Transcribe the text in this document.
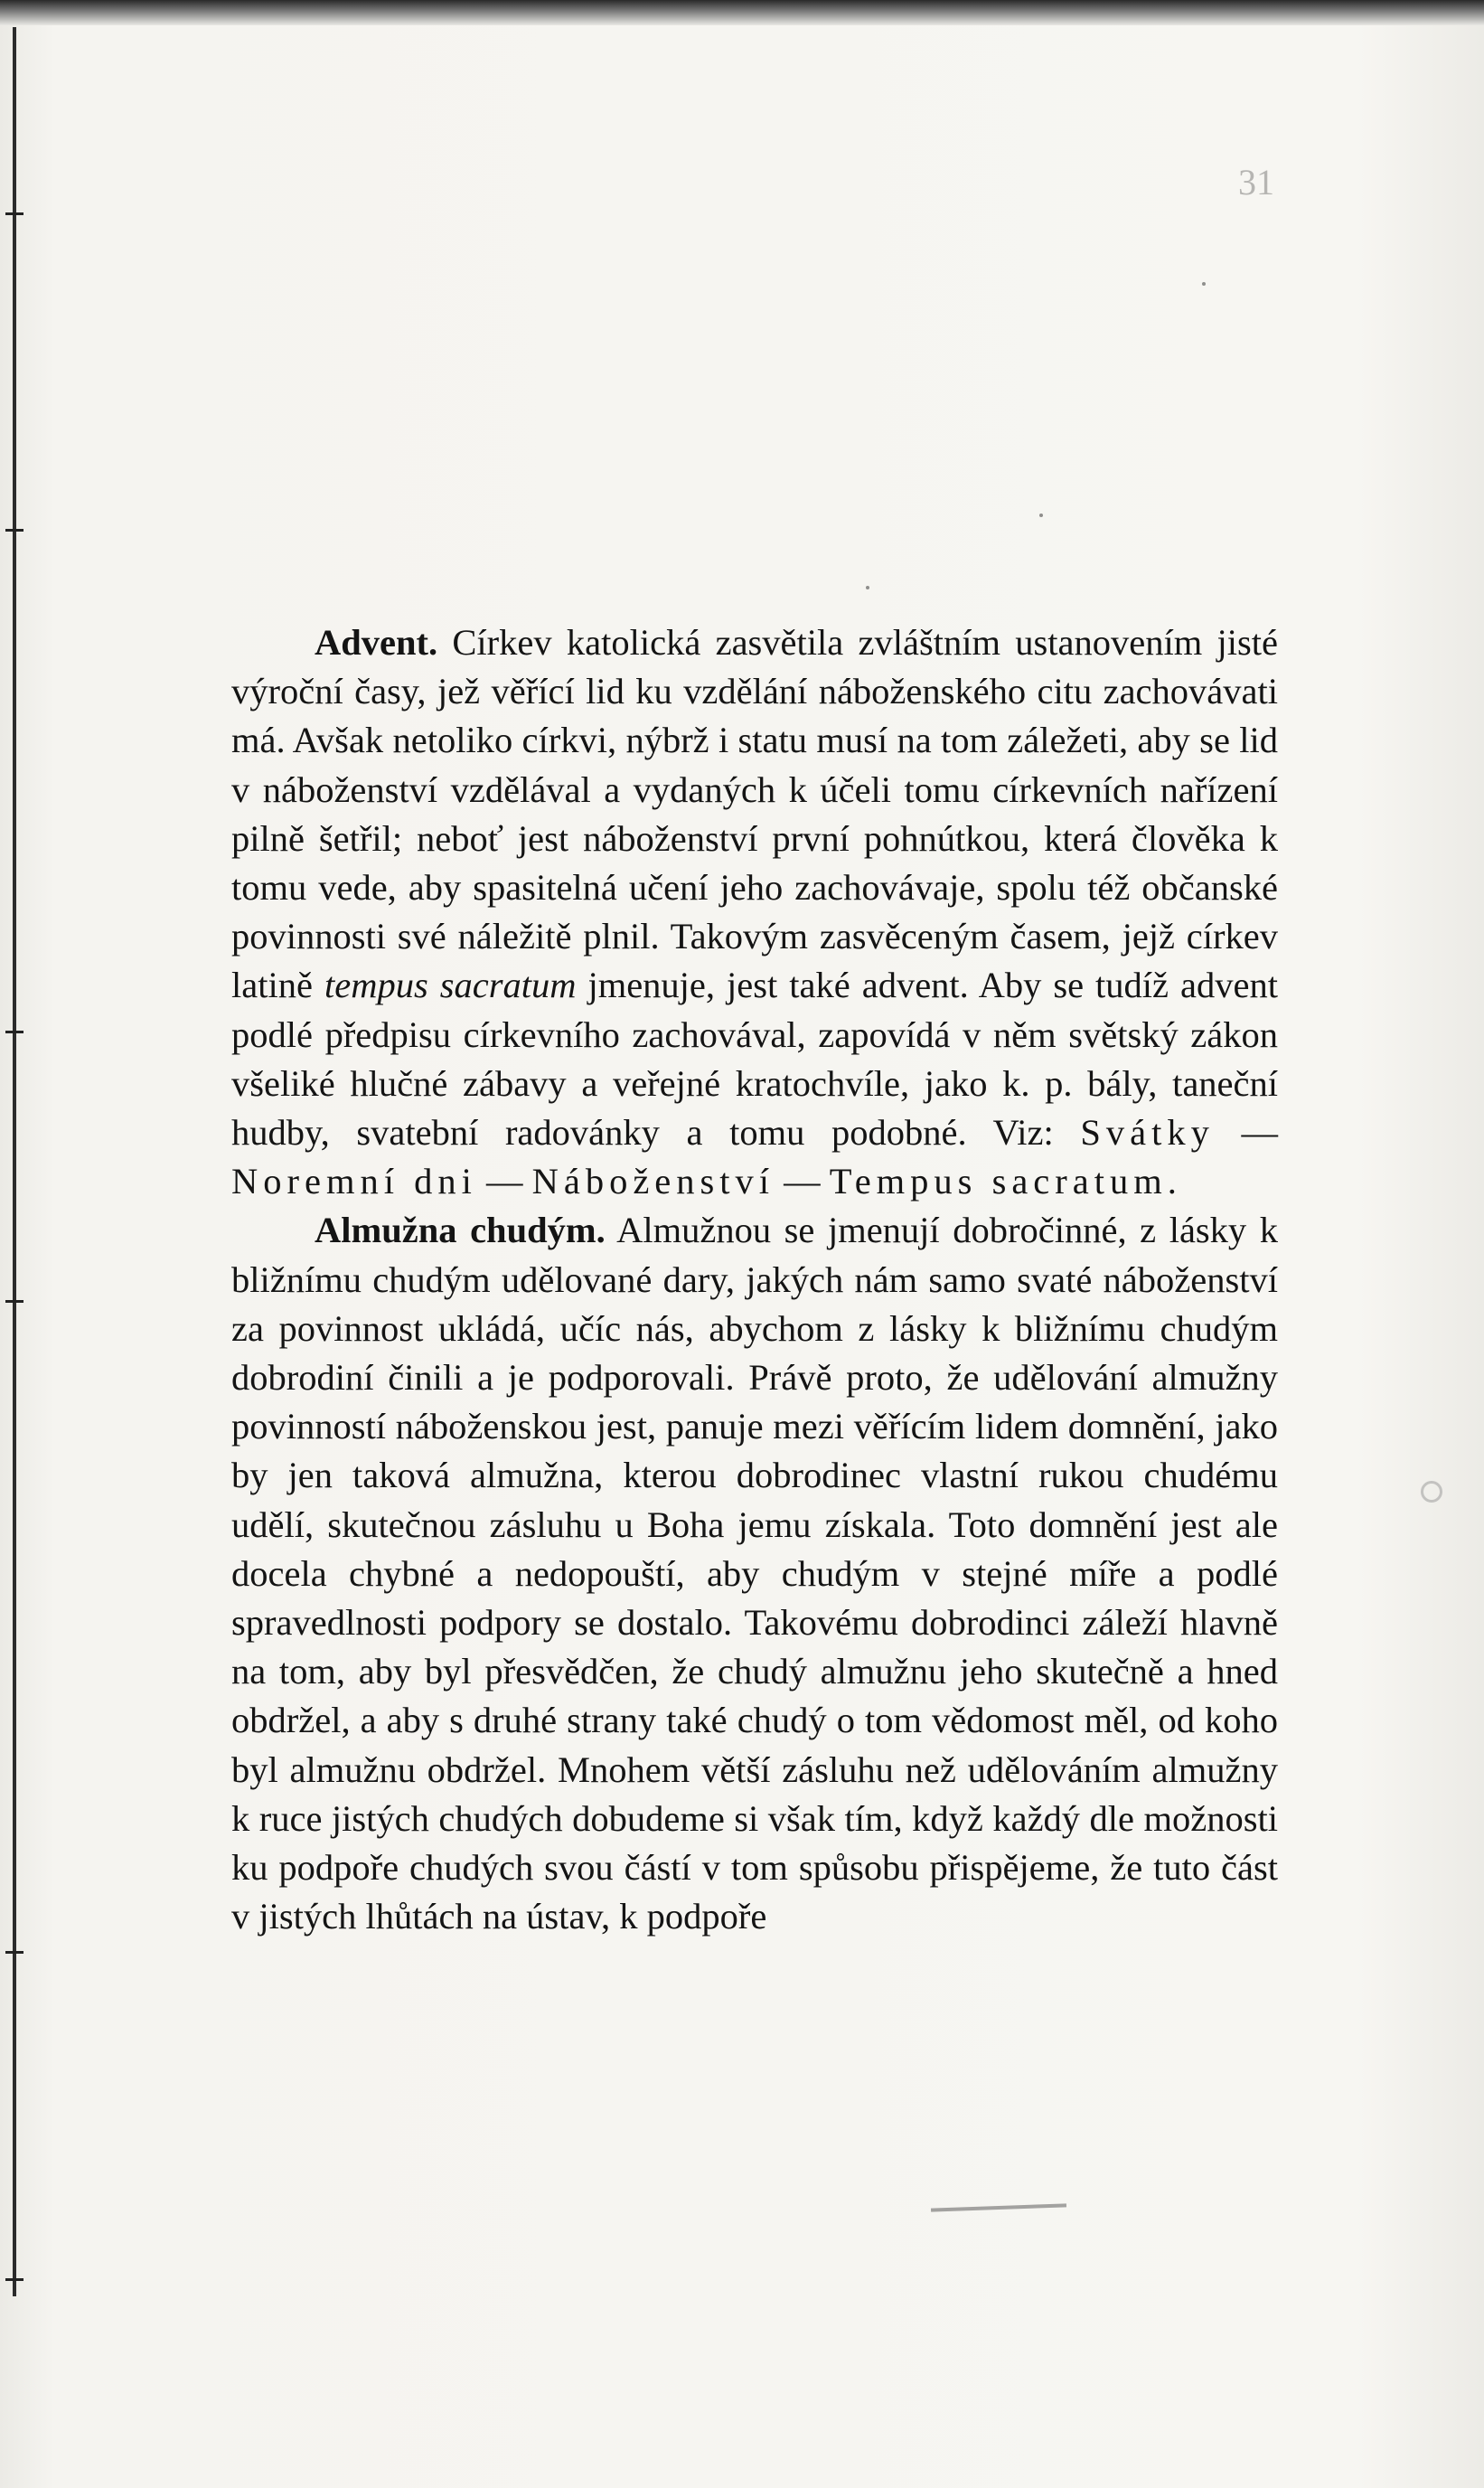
31

Advent. Církev katolická zasvětila zvláštním ustanovením jisté výroční časy, jež věřící lid ku vzdělání náboženského citu zachovávati má. Avšak netoliko církvi, nýbrž i statu musí na tom záležeti, aby se lid v náboženství vzdělával a vydaných k účeli tomu církevních nařízení pilně šetřil; neboť jest náboženství první pohnútkou, která člověka k tomu vede, aby spasitelná učení jeho zachovávaje, spolu též občanské povinnosti své náležitě plnil. Takovým zasvěceným časem, jejž církev latině tempus sacratum jmenuje, jest také advent. Aby se tudíž advent podlé předpisu církevního zachovával, zapovídá v něm světský zákon všeliké hlučné zábavy a veřejné kratochvíle, jako k. p. bály, taneční hudby, svatební radovánky a tomu podobné. Viz: Svátky — Noremní dni — Náboženství — Tempus sacratum.

Almužna chudým. Almužnou se jmenují dobročinné, z lásky k bližnímu chudým udělované dary, jakých nám samo svaté náboženství za povinnost ukládá, učíc nás, abychom z lásky k bližnímu chudým dobrodiní činili a je podporovali. Právě proto, že udělování almužny povinností náboženskou jest, panuje mezi věřícím lidem domnění, jako by jen taková almužna, kterou dobrodinec vlastní rukou chudému udělí, skutečnou zásluhu u Boha jemu získala. Toto domnění jest ale docela chybné a nedopouští, aby chudým v stejné míře a podlé spravedlnosti podpory se dostalo. Takovému dobrodinci záleží hlavně na tom, aby byl přesvědčen, že chudý almužnu jeho skutečně a hned obdržel, a aby s druhé strany také chudý o tom vědomost měl, od koho byl almužnu obdržel. Mnohem větší zásluhu než udělováním almužny k ruce jistých chudých dobudeme si však tím, když každý dle možnosti ku podpoře chudých svou částí v tom spůsobu přispějeme, že tuto část v jistých lhůtách na ústav, k podpoře
